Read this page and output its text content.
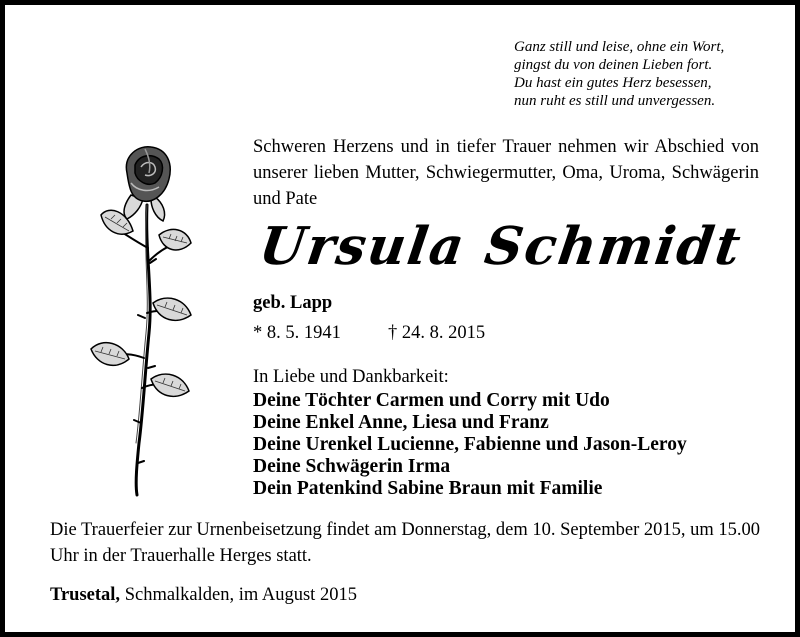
Ganz still und leise, ohne ein Wort,
gingst du von deinen Lieben fort.
Du hast ein gutes Herz besessen,
nun ruht es still und unvergessen.
Schweren Herzens und in tiefer Trauer nehmen wir Abschied von unserer lieben Mutter, Schwiegermutter, Oma, Uroma, Schwägerin und Pate
Ursula Schmidt
geb. Lapp
* 8. 5. 1941	† 24. 8. 2015
In Liebe und Dankbarkeit:
Deine Töchter Carmen und Corry mit Udo
Deine Enkel Anne, Liesa und Franz
Deine Urenkel Lucienne, Fabienne und Jason-Leroy
Deine Schwägerin Irma
Dein Patenkind Sabine Braun mit Familie
Die Trauerfeier zur Urnenbeisetzung findet am Donnerstag, dem 10. September 2015, um 15.00 Uhr in der Trauerhalle Herges statt.
Trusetal, Schmalkalden, im August 2015
